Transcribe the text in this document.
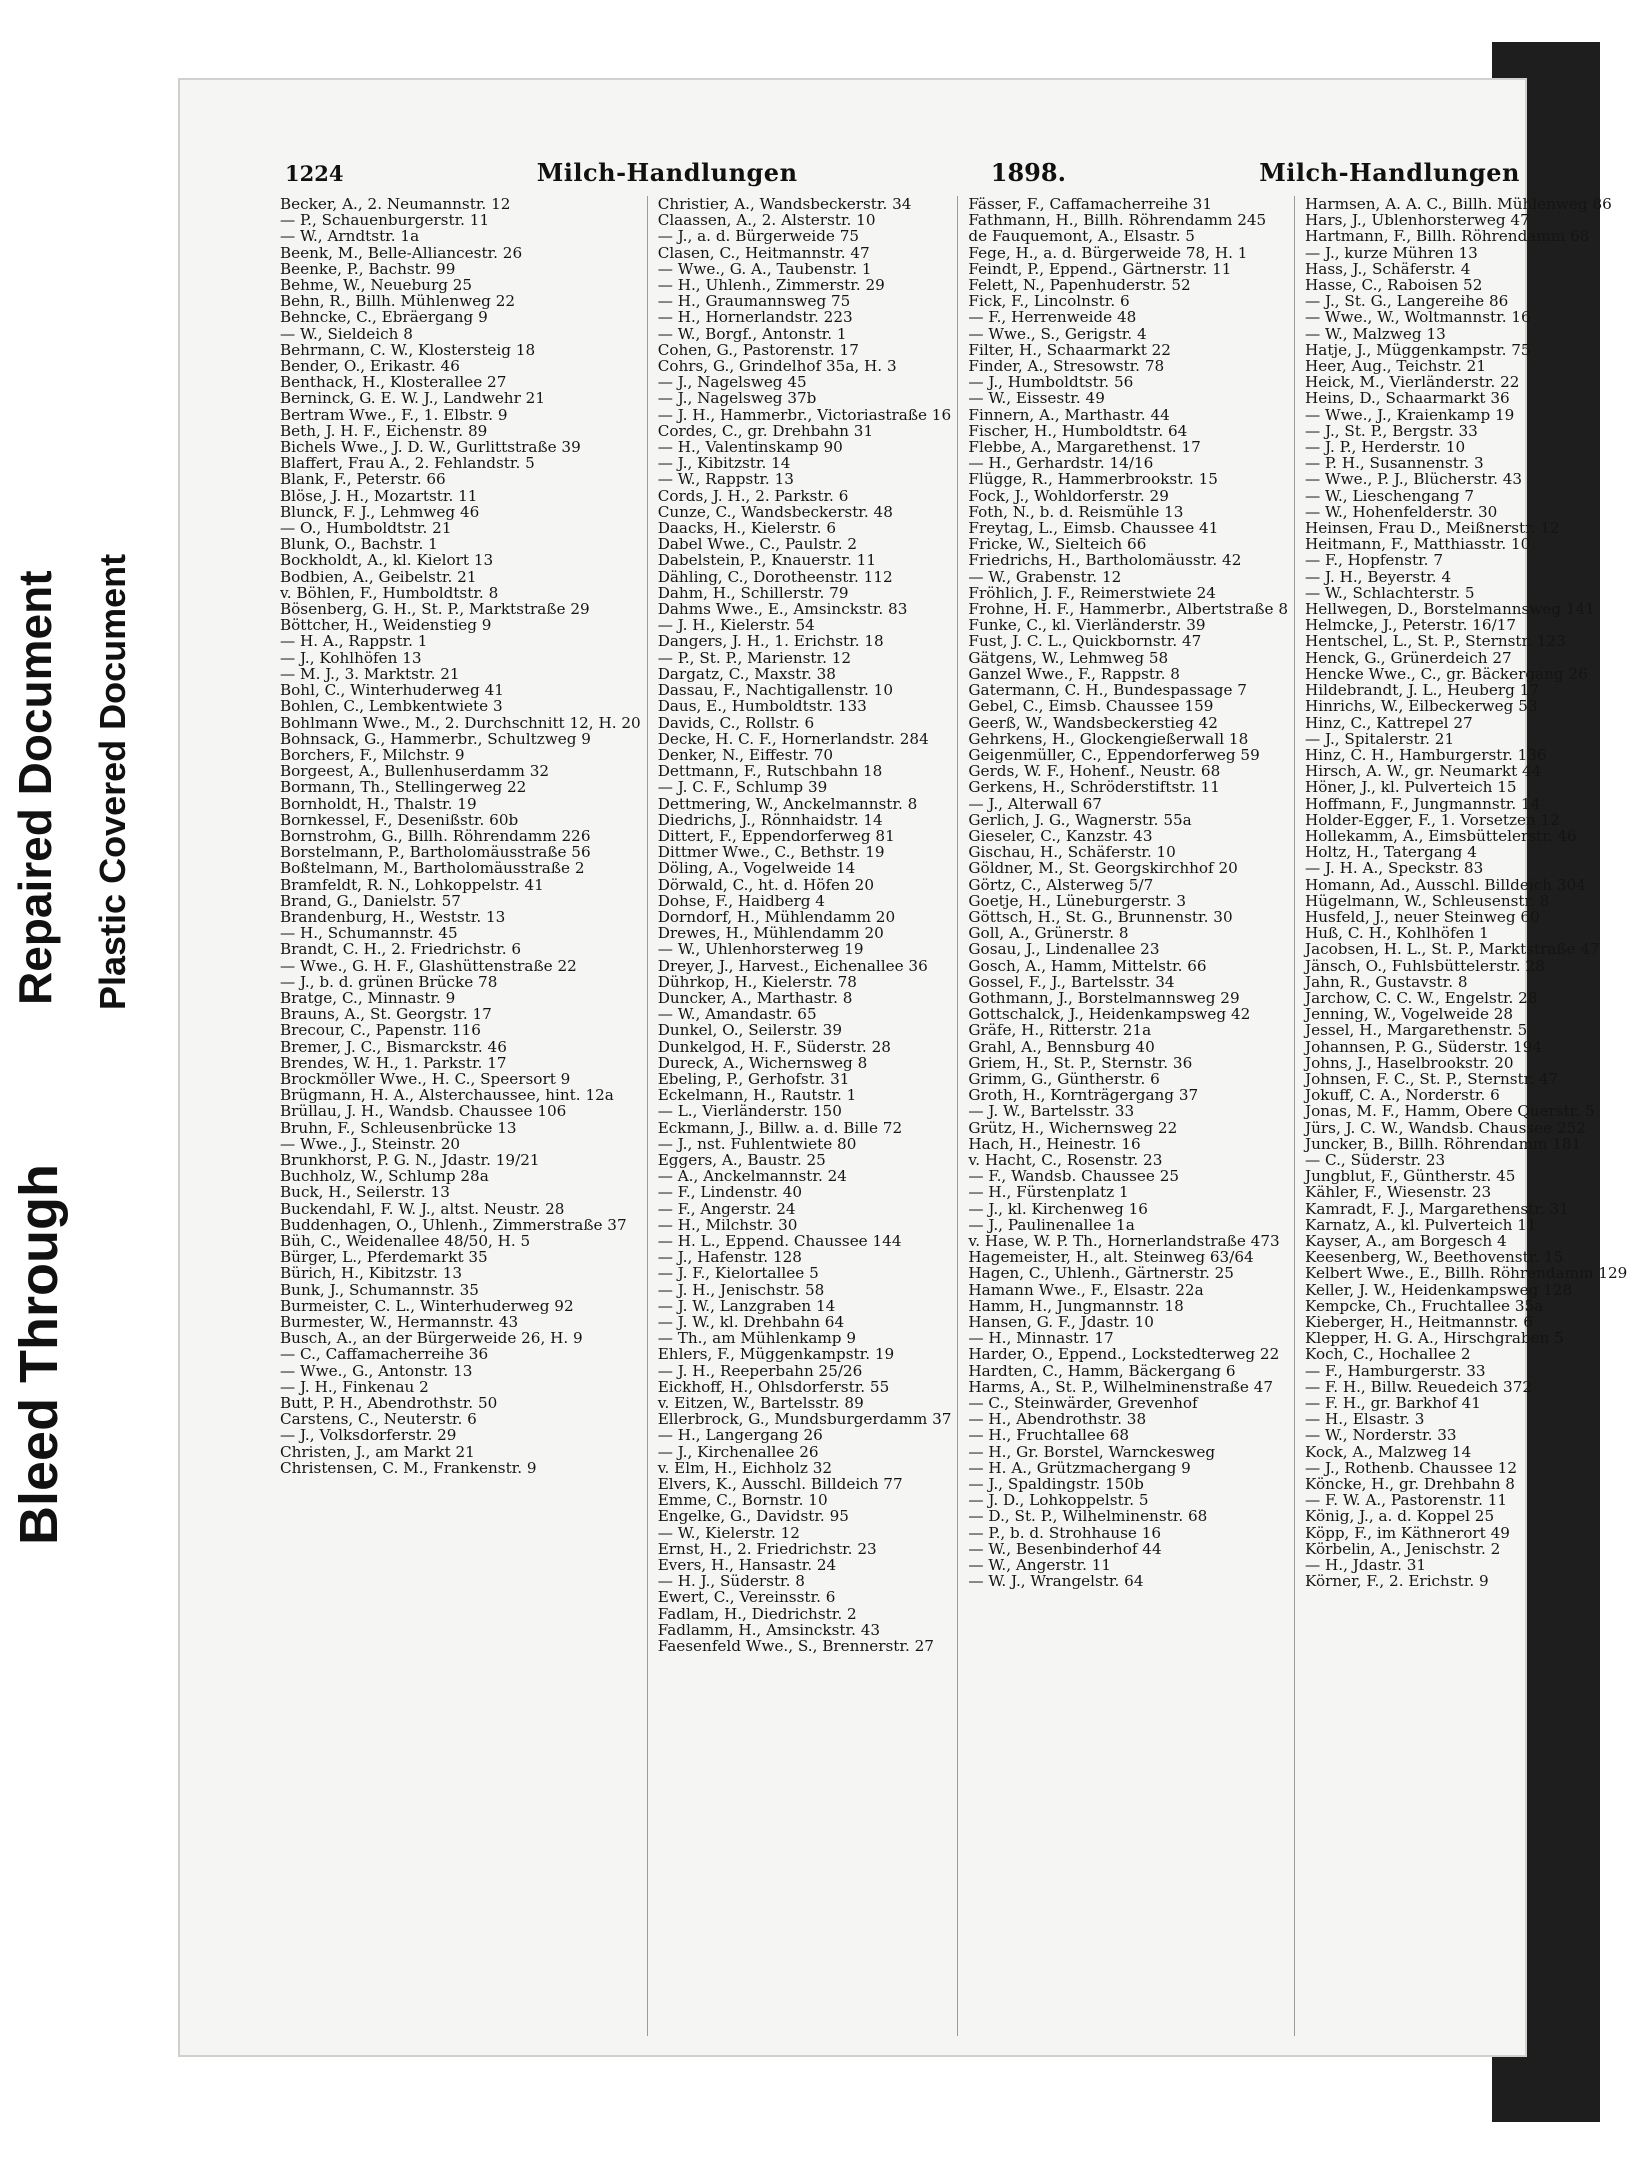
Repaired Document Plastic Covered Document
Bleed Through
1224	Milch-Handlungen	1898.	Milch-Handlungen
Becker, A., 2. Neumannstr. 12
— P., Schauenburgerstr. 11
— W., Arndtstr. 1a
Beenk, M., Belle-Alliancestr. 26
Beenke, P., Bachstr. 99
Behme, W., Neueburg 25
Behn, R., Billh. Mühlenweg 22
Behncke, C., Ebräergang 9
— W., Sieldeich 8
Behrmann, C. W., Klostersteig 18
Bender, O., Erikastr. 46
Benthack, H., Klosterallee 27
Berninck, G. E. W. J., Landwehr 21
Bertram Wwe., F., 1. Elbstr. 9
Beth, J. H. F., Eichenstr. 89
Bichels Wwe., J. D. W., Gurlittstraße 39
Blaffert, Frau A., 2. Fehlandstr. 5
Blank, F., Peterstr. 66
Blöse, J. H., Mozartstr. 11
Blunck, F. J., Lehmweg 46
— O., Humboldtstr. 21
Blunk, O., Bachstr. 1
Bockholdt, A., kl. Kielort 13
Bodbien, A., Geibelstr. 21
v. Böhlen, F., Humboldtstr. 8
Bösenberg, G. H., St. P., Marktstraße 29
Böttcher, H., Weidenstieg 9
— H. A., Rappstr. 1
— J., Kohlhöfen 13
— M. J., 3. Marktstr. 21
Bohl, C., Winterhuderweg 41
Bohlen, C., Lembkentwiete 3
Bohlmann Wwe., M., 2. Durchschnitt 12, H. 20
Bohnsack, G., Hammerbr., Schultzweg 9
Borchers, F., Milchstr. 9
Borgeest, A., Bullenhuserdamm 32
Bormann, Th., Stellingerweg 22
Bornholdt, H., Thalstr. 19
Bornkessel, F., Desenißstr. 60b
Bornstrohm, G., Billh. Röhrendamm 226
Borstelmann, P., Bartholomäusstraße 56
Boßtelmann, M., Bartholomäusstraße 2
Bramfeldt, R. N., Lohkoppelstr. 41
Brand, G., Danielstr. 57
Brandenburg, H., Weststr. 13
— H., Schumannstr. 45
Brandt, C. H., 2. Friedrichstr. 6
— Wwe., G. H. F., Glashüttenstraße 22
— J., b. d. grünen Brücke 78
Bratge, C., Minnastr. 9
Brauns, A., St. Georgstr. 17
Brecour, C., Papenstr. 116
Bremer, J. C., Bismarckstr. 46
Brendes, W. H., 1. Parkstr. 17
Brockmöller Wwe., H. C., Speersort 9
Brügmann, H. A., Alsterchaussee, hint. 12a
Brüllau, J. H., Wandsb. Chaussee 106
Bruhn, F., Schleusenbrücke 13
— Wwe., J., Steinstr. 20
Brunkhorst, P. G. N., Jdastr. 19/21
Buchholz, W., Schlump 28a
Buck, H., Seilerstr. 13
Buckendahl, F. W. J., altst. Neustr. 28
Buddenhagen, O., Uhlenh., Zimmerstraße 37
Büh, C., Weidenallee 48/50, H. 5
Bürger, L., Pferdemarkt 35
Bürich, H., Kibitzstr. 13
Bunk, J., Schumannstr. 35
Burmeister, C. L., Winterhuderweg 92
Burmester, W., Hermannstr. 43
Busch, A., an der Bürgerweide 26, H. 9
— C., Caffamacherreihe 36
— Wwe., G., Antonstr. 13
— J. H., Finkenau 2
Butt, P. H., Abendrothstr. 50
Carstens, C., Neuterstr. 6
— J., Volksdorferstr. 29
Christen, J., am Markt 21
Christensen, C. M., Frankenstr. 9
Christier, A., Wandsbeckerstr. 34
Claassen, A., 2. Alsterstr. 10
— J., a. d. Bürgerweide 75
Clasen, C., Heitmannstr. 47
— Wwe., G. A., Taubenstr. 1
— H., Uhlenh., Zimmerstr. 29
— H., Graumannsweg 75
— H., Hornerlandstr. 223
— W., Borgf., Antonstr. 1
Cohen, G., Pastorenstr. 17
Cohrs, G., Grindelhof 35a, H. 3
— J., Nagelsweg 45
— J., Nagelsweg 37b
— J. H., Hammerbr., Victoriastraße 16
Cordes, C., gr. Drehbahn 31
— H., Valentinskamp 90
— J., Kibitzstr. 14
— W., Rappstr. 13
Cords, J. H., 2. Parkstr. 6
Cunze, C., Wandsbeckerstr. 48
Daacks, H., Kielerstr. 6
Dabel Wwe., C., Paulstr. 2
Dabelstein, P., Knauerstr. 11
Dähling, C., Dorotheenstr. 112
Dahm, H., Schillerstr. 79
Dahms Wwe., E., Amsinckstr. 83
— J. H., Kielerstr. 54
Dangers, J. H., 1. Erichstr. 18
— P., St. P., Marienstr. 12
Dargatz, C., Maxstr. 38
Dassau, F., Nachtigallenstr. 10
Daus, E., Humboldtstr. 133
Davids, C., Rollstr. 6
Decke, H. C. F., Hornerlandstr. 284
Denker, N., Eiffestr. 70
Dettmann, F., Rutschbahn 18
— J. C. F., Schlump 39
Dettmering, W., Anckelmannstr. 8
Diedrichs, J., Rönnhaidstr. 14
Dittert, F., Eppendorferweg 81
Dittmer Wwe., C., Bethstr. 19
Döling, A., Vogelweide 14
Dörwald, C., ht. d. Höfen 20
Dohse, F., Haidberg 4
Dorndorf, H., Mühlendamm 20
Drewes, H., Mühlendamm 20
— W., Uhlenhorsterweg 19
Dreyer, J., Harvest., Eichenallee 36
Dührkop, H., Kielerstr. 78
Duncker, A., Marthastr. 8
— W., Amandastr. 65
Dunkel, O., Seilerstr. 39
Dunkelgod, H. F., Süderstr. 28
Dureck, A., Wichernsweg 8
Ebeling, P., Gerhofstr. 31
Eckelmann, H., Rautstr. 1
— L., Vierländerstr. 150
Eckmann, J., Billw. a. d. Bille 72
— J., nst. Fuhlentwiete 80
Eggers, A., Baustr. 25
— A., Anckelmannstr. 24
— F., Lindenstr. 40
— F., Angerstr. 24
— H., Milchstr. 30
— H. L., Eppend. Chaussee 144
— J., Hafenstr. 128
— J. F., Kielortallee 5
— J. H., Jenischstr. 58
— J. W., Lanzgraben 14
— J. W., kl. Drehbahn 64
— Th., am Mühlenkamp 9
Ehlers, F., Müggenkampstr. 19
— J. H., Reeperbahn 25/26
Eickhoff, H., Ohlsdorferstr. 55
v. Eitzen, W., Bartelsstr. 89
Ellerbrock, G., Mundsburgerdamm 37
— H., Langergang 26
— J., Kirchenallee 26
v. Elm, H., Eichholz 32
Elvers, K., Ausschl. Billdeich 77
Emme, C., Bornstr. 10
Engelke, G., Davidstr. 95
— W., Kielerstr. 12
Ernst, H., 2. Friedrichstr. 23
Evers, H., Hansastr. 24
— H. J., Süderstr. 8
Ewert, C., Vereinsstr. 6
Fadlam, H., Diedrichstr. 2
Fadlamm, H., Amsinckstr. 43
Faesenfeld Wwe., S., Brennerstr. 27
Fässer, F., Caffamacherreihe 31
Fathmann, H., Billh. Röhrendamm 245
de Fauquemont, A., Elsastr. 5
Fege, H., a. d. Bürgerweide 78, H. 1
Feindt, P., Eppend., Gärtnerstr. 11
Felett, N., Papenhuderstr. 52
Fick, F., Lincolnstr. 6
— F., Herrenweide 48
— Wwe., S., Gerigstr. 4
Filter, H., Schaarmarkt 22
Finder, A., Stresowstr. 78
— J., Humboldtstr. 56
— W., Eissestr. 49
Finnern, A., Marthastr. 44
Fischer, H., Humboldtstr. 64
Flebbe, A., Margarethenst. 17
— H., Gerhardstr. 14/16
Flügge, R., Hammerbrookstr. 15
Fock, J., Wohldorferstr. 29
Foth, N., b. d. Reismühle 13
Freytag, L., Eimsb. Chaussee 41
Fricke, W., Sielteich 66
Friedrichs, H., Bartholomäusstr. 42
— W., Grabenstr. 12
Fröhlich, J. F., Reimerstwiete 24
Frohne, H. F., Hammerbr., Albertstraße 8
Funke, C., kl. Vierländerstr. 39
Fust, J. C. L., Quickbornstr. 47
Gätgens, W., Lehmweg 58
Ganzel Wwe., F., Rappstr. 8
Gatermann, C. H., Bundespassage 7
Gebel, C., Eimsb. Chaussee 159
Geerß, W., Wandsbeckerstieg 42
Gehrkens, H., Glockengießerwall 18
Geigenmüller, C., Eppendorferweg 59
Gerds, W. F., Hohenf., Neustr. 68
Gerkens, H., Schröderstiftstr. 11
— J., Alterwall 67
Gerlich, J. G., Wagnerstr. 55a
Gieseler, C., Kanzstr. 43
Gischau, H., Schäferstr. 10
Göldner, M., St. Georgskirchhof 20
Görtz, C., Alsterweg 5/7
Goetje, H., Lüneburgerstr. 3
Göttsch, H., St. G., Brunnenstr. 30
Goll, A., Grünerstr. 8
Gosau, J., Lindenallee 23
Gosch, A., Hamm, Mittelstr. 66
Gossel, F., J., Bartelsstr. 34
Gothmann, J., Borstelmannsweg 29
Gottschalck, J., Heidenkampsweg 42
Gräfe, H., Ritterstr. 21a
Grahl, A., Bennsburg 40
Griem, H., St. P., Sternstr. 36
Grimm, G., Güntherstr. 6
Groth, H., Kornträgergang 37
— J. W., Bartelsstr. 33
Grütz, H., Wichernsweg 22
Hach, H., Heinestr. 16
v. Hacht, C., Rosenstr. 23
— F., Wandsb. Chaussee 25
— H., Fürstenplatz 1
— J., kl. Kirchenweg 16
— J., Paulinenallee 1a
v. Hase, W. P. Th., Hornerlandstraße 473
Hagemeister, H., alt. Steinweg 63/64
Hagen, C., Uhlenh., Gärtnerstr. 25
Hamann Wwe., F., Elsastr. 22a
Hamm, H., Jungmannstr. 18
Hansen, G. F., Jdastr. 10
— H., Minnastr. 17
Harder, O., Eppend., Lockstedterweg 22
Hardten, C., Hamm, Bäckergang 6
Harms, A., St. P., Wilhelminenstraße 47
— C., Steinwärder, Grevenhof
— H., Abendrothstr. 38
— H., Fruchtallee 68
— H., Gr. Borstel, Warnckesweg
— H. A., Grützmachergang 9
— J., Spaldingstr. 150b
— J. D., Lohkoppelstr. 5
— D., St. P., Wilhelminenstr. 68
— P., b. d. Strohhause 16
— W., Besenbinderhof 44
— W., Angerstr. 11
— W. J., Wrangelstr. 64
Harmsen, A. A. C., Billh. Mühlenweg 86
Hars, J., Ublenhorsterweg 47
Hartmann, F., Billh. Röhrendamm 68
— J., kurze Mühren 13
Hass, J., Schäferstr. 4
Hasse, C., Raboisen 52
— J., St. G., Langereihe 86
— Wwe., W., Woltmannstr. 16
— W., Malzweg 13
Hatje, J., Müggenkampstr. 75
Heer, Aug., Teichstr. 21
Heick, M., Vierländerstr. 22
Heins, D., Schaarmarkt 36
— Wwe., J., Kraienkamp 19
— J., St. P., Bergstr. 33
— J. P., Herderstr. 10
— P. H., Susannenstr. 3
— Wwe., P. J., Blücherstr. 43
— W., Lieschengang 7
— W., Hohenfelderstr. 30
Heinsen, Frau D., Meißnerstr. 12
Heitmann, F., Matthiasstr. 10
— F., Hopfenstr. 7
— J. H., Beyerstr. 4
— W., Schlachterstr. 5
Hellwegen, D., Borstelmannsweg 141
Helmcke, J., Peterstr. 16/17
Hentschel, L., St. P., Sternstr. 123
Henck, G., Grünerdeich 27
Hencke Wwe., C., gr. Bäckergang 26
Hildebrandt, J. L., Heuberg 17
Hinrichs, W., Eilbeckerweg 53
Hinz, C., Kattrepel 27
— J., Spitalerstr. 21
Hinz, C. H., Hamburgerstr. 136
Hirsch, A. W., gr. Neumarkt 44
Höner, J., kl. Pulverteich 15
Hoffmann, F., Jungmannstr. 14
Holder-Egger, F., 1. Vorsetzen 12
Hollekamm, A., Eimsbüttelerstr. 46
Holtz, H., Tatergang 4
— J. H. A., Speckstr. 83
Homann, Ad., Ausschl. Billdeich 304
Hügelmann, W., Schleusenstr. 8
Husfeld, J., neuer Steinweg 60
Huß, C. H., Kohlhöfen 1
Jacobsen, H. L., St. P., Marktstraße 47
Jänsch, O., Fuhlsbüttelerstr. 28
Jahn, R., Gustavstr. 8
Jarchow, C. C. W., Engelstr. 28
Jenning, W., Vogelweide 28
Jessel, H., Margarethenstr. 5
Johannsen, P. G., Süderstr. 194
Johns, J., Haselbrookstr. 20
Johnsen, F. C., St. P., Sternstr. 47
Jokuff, C. A., Norderstr. 6
Jonas, M. F., Hamm, Obere Querstr. 5
Jürs, J. C. W., Wandsb. Chaussee 252
Juncker, B., Billh. Röhrendamm 181
— C., Süderstr. 23
Jungblut, F., Güntherstr. 45
Kähler, F., Wiesenstr. 23
Kamradt, F. J., Margarethenstr. 31
Karnatz, A., kl. Pulverteich 11
Kayser, A., am Borgesch 4
Keesenberg, W., Beethovenstr. 15
Kelbert Wwe., E., Billh. Röhrendamm 129
Keller, J. W., Heidenkampsweg 128
Kempcke, Ch., Fruchtallee 35a
Kieberger, H., Heitmannstr. 6
Klepper, H. G. A., Hirschgraben 5
Koch, C., Hochallee 2
— F., Hamburgerstr. 33
— F. H., Billw. Reuedeich 372
— F. H., gr. Barkhof 41
— H., Elsastr. 3
— W., Norderstr. 33
Kock, A., Malzweg 14
— J., Rothenb. Chaussee 12
Köncke, H., gr. Drehbahn 8
— F. W. A., Pastorenstr. 11
König, J., a. d. Koppel 25
Köpp, F., im Käthnerort 49
Körbelin, A., Jenischstr. 2
— H., Jdastr. 31
Körner, F., 2. Erichstr. 9
